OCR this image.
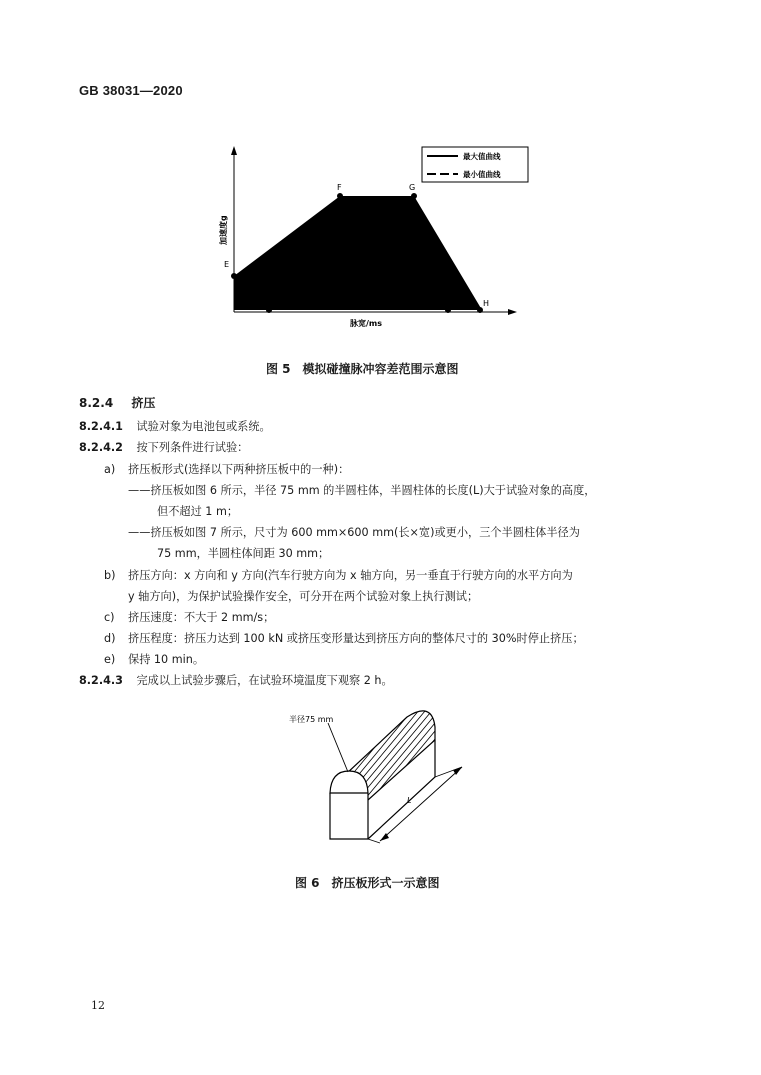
GB 38031—2020
E
F	G
B	C
A	D	H
脉宽/ms
加速度g
最大值曲线
最小值曲线
图 5　模拟碰撞脉冲容差范围示意图
8.2.4 挤压
8.2.4.1 试验对象为电池包或系统。
8.2.4.2 按下列条件进行试验：
a) 挤压板形式(选择以下两种挤压板中的一种)：
——挤压板如图 6 所示，半径 75 mm 的半圆柱体，半圆柱体的长度(L)大于试验对象的高度，
但不超过 1 m；
——挤压板如图 7 所示，尺寸为 600 mm×600 mm(长×宽)或更小，三个半圆柱体半径为
75 mm，半圆柱体间距 30 mm；
b) 挤压方向：x 方向和 y 方向(汽车行驶方向为 x 轴方向，另一垂直于行驶方向的水平方向为
y 轴方向)，为保护试验操作安全，可分开在两个试验对象上执行测试；
c) 挤压速度：不大于 2 mm/s；
d) 挤压程度：挤压力达到 100 kN 或挤压变形量达到挤压方向的整体尺寸的 30%时停止挤压；
e) 保持 10 min。
8.2.4.3 完成以上试验步骤后，在试验环境温度下观察 2 h。
半径75 mm
L
图 6　挤压板形式一示意图
12
